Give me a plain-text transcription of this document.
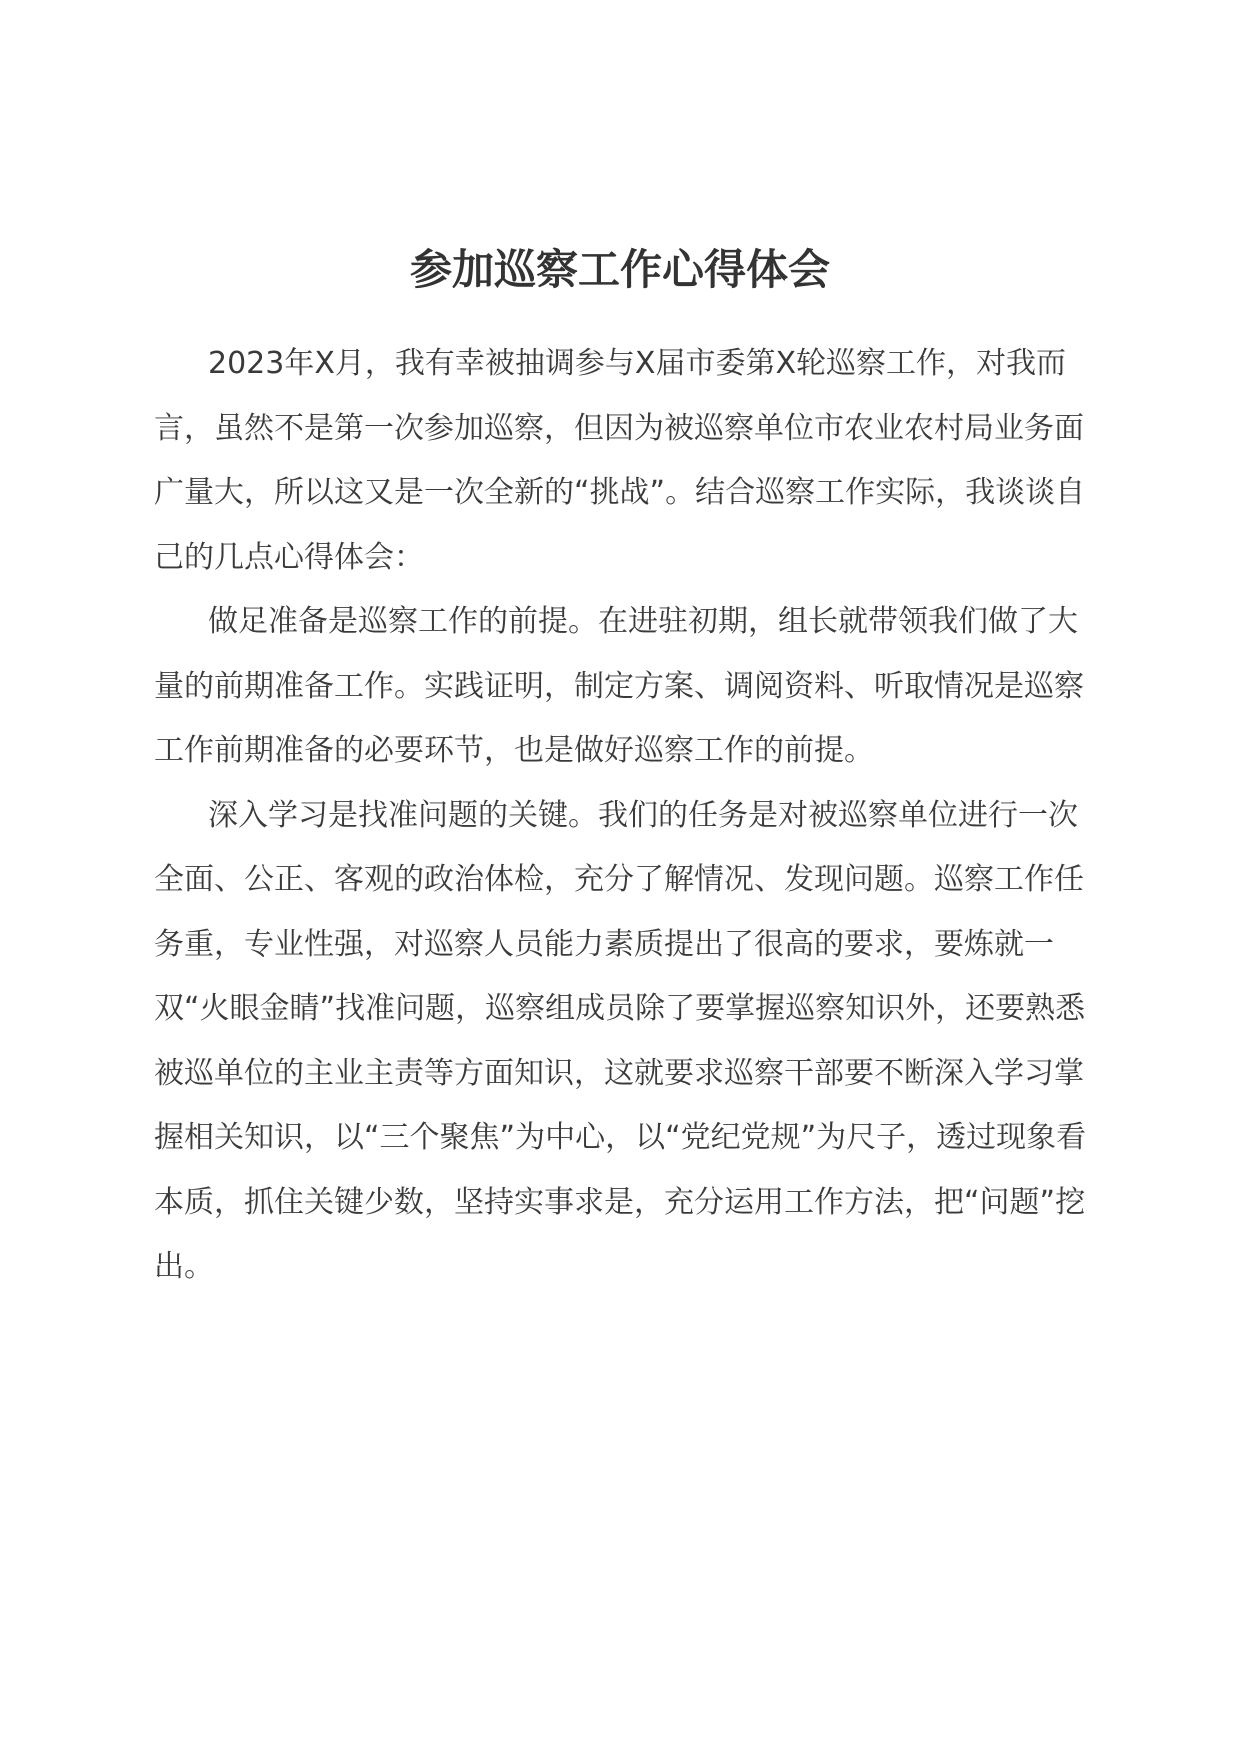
参加巡察工作心得体会

2023年X月，我有幸被抽调参与X届市委第X轮巡察工作，对我而言，虽然不是第一次参加巡察，但因为被巡察单位市农业农村局业务面广量大，所以这又是一次全新的“挑战”。结合巡察工作实际，我谈谈自己的几点心得体会：

做足准备是巡察工作的前提。在进驻初期，组长就带领我们做了大量的前期准备工作。实践证明，制定方案、调阅资料、听取情况是巡察工作前期准备的必要环节，也是做好巡察工作的前提。

深入学习是找准问题的关键。我们的任务是对被巡察单位进行一次全面、公正、客观的政治体检，充分了解情况、发现问题。巡察工作任务重，专业性强，对巡察人员能力素质提出了很高的要求，要炼就一双“火眼金睛”找准问题，巡察组成员除了要掌握巡察知识外，还要熟悉被巡单位的主业主责等方面知识，这就要求巡察干部要不断深入学习掌握相关知识，以“三个聚焦”为中心，以“党纪党规”为尺子，透过现象看本质，抓住关键少数，坚持实事求是，充分运用工作方法，把“问题”挖出。
